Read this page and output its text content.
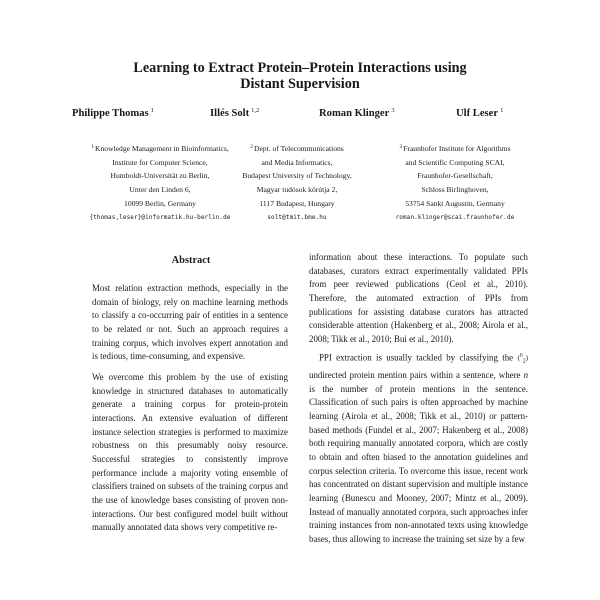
Learning to Extract Protein–Protein Interactions using
Distant Supervision
Philippe Thomas $^1$	Illés Solt $^{1,2}$	Roman Klinger $^3$	Ulf Leser $^1$
$^1$Knowledge Management in Bioinformatics,
Institute for Computer Science,
Humboldt-Universität zu Berlin,
Unter den Linden 6,
10099 Berlin, Germany
{thomas,leser}@informatik.hu-berlin.de
$^2$Dept. of Telecommunications
and Media Informatics,
Budapest University of Technology,
Magyar tudósok körútja 2,
1117 Budapest, Hungary
solt@tmit.bme.hu
$^3$Fraunhofer Institute for Algorithms
and Scientific Computing SCAI,
Fraunhofer-Gesellschaft,
Schloss Birlinghoven,
53754 Sankt Augustin, Germany
roman.klinger@scai.fraunhofer.de
Abstract

Most relation extraction methods, especially in the domain of biology, rely on machine learning methods to classify a co-occurring pair of entities in a sentence to be related or not. Such an approach requires a training corpus, which involves expert annotation and is tedious, time-consuming, and expensive.

We overcome this problem by the use of existing knowledge in structured databases to automatically generate a training corpus for protein-protein interactions. An extensive evaluation of different instance selection strategies is performed to maximize robustness on this presumably noisy resource. Successful strategies to consistently improve performance include a majority voting ensemble of classifiers trained on subsets of the training corpus and the use of knowledge bases consisting of proven non-interactions. Our best configured model built without manually annotated data shows very competitive re-

information about these interactions. To populate such databases, curators extract experimentally validated PPIs from peer reviewed publications (Ceol et al., 2010). Therefore, the automated extraction of PPIs from publications for assisting database curators has attracted considerable attention (Hakenberg et al., 2008; Airola et al., 2008; Tikk et al., 2010; Bui et al., 2010).

PPI extraction is usually tackled by classifying the ($^n_2$) undirected protein mention pairs within a sentence, where n is the number of protein mentions in the sentence. Classification of such pairs is often approached by machine learning (Airola et al., 2008; Tikk et al., 2010) or pattern-based methods (Fundel et al., 2007; Hakenberg et al., 2008) both requiring manually annotated corpora, which are costly to obtain and often biased to the annotation guidelines and corpus selection criteria. To overcome this issue, recent work has concentrated on distant supervision and multiple instance learning (Bunescu and Mooney, 2007; Mintz et al., 2009). Instead of manually annotated corpora, such approaches infer training instances from non-annotated texts using knowledge bases, thus allowing to increase the training set size by a few
